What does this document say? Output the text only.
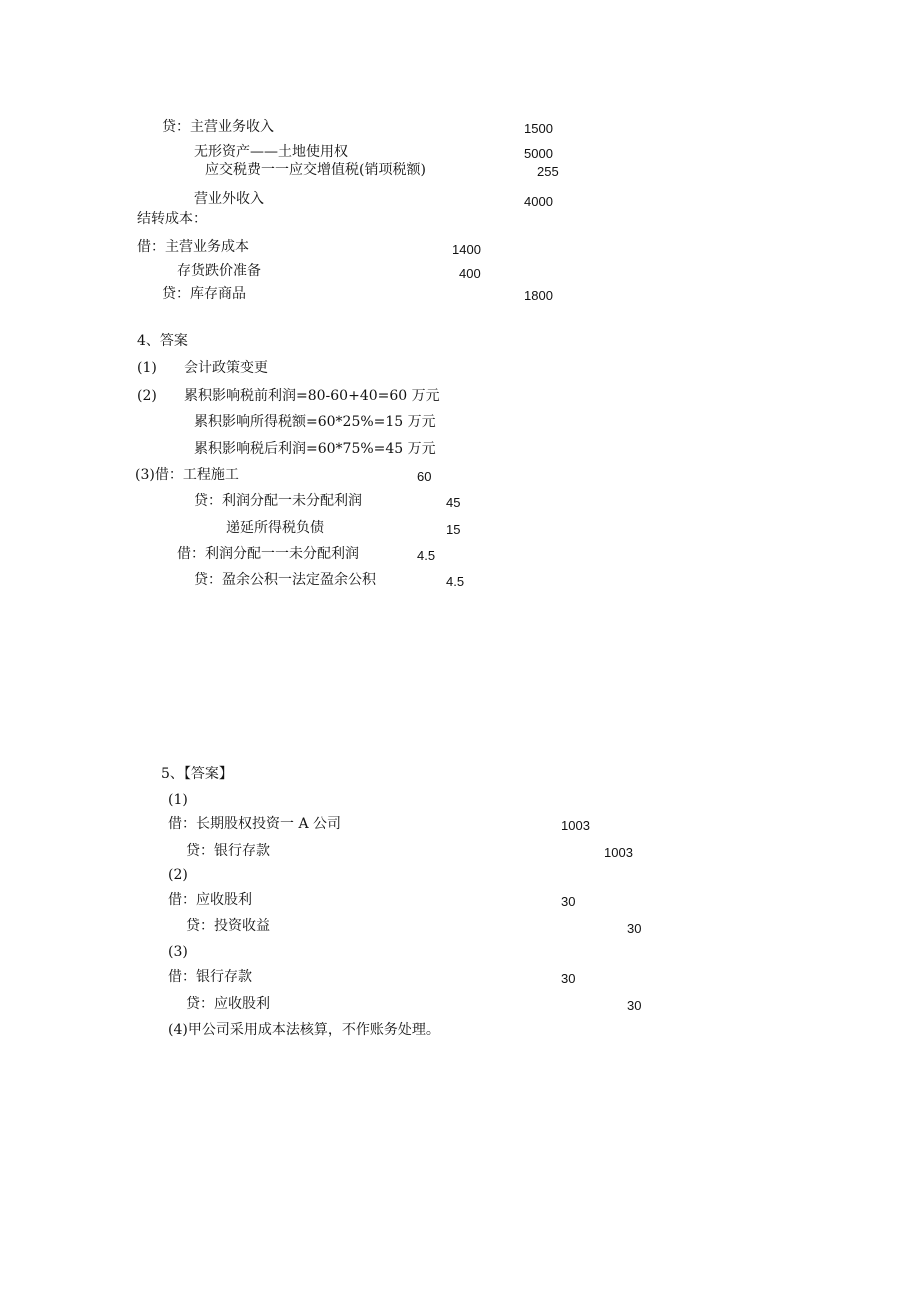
贷：主营业务收入	1500
无形资产——土地使用权	5000
应交税费一一应交增值税(销项税额)	255
营业外收入	4000
结转成本：
借：主营业务成本	1400
存货跌价准备	400
贷：库存商品	1800
4、答案
(1) 会计政策变更
(2) 累积影响税前利润=80-60+40=60 万元
累积影响所得税额=60*25%=15 万元
累积影响税后利润=60*75%=45 万元
(3)借：工程施工	60
贷：利润分配一未分配利润	45
递延所得税负债	15
借：利润分配一一未分配利润	4.5
贷：盈余公积一法定盈余公积	4.5
5、【答案】
(1)
借：长期股权投资一 A 公司	1003
贷：银行存款	1003
(2)
借：应收股利	30
贷：投资收益	30
(3)
借：银行存款	30
贷：应收股利	30
(4)甲公司采用成本法核算，不作账务处理。
